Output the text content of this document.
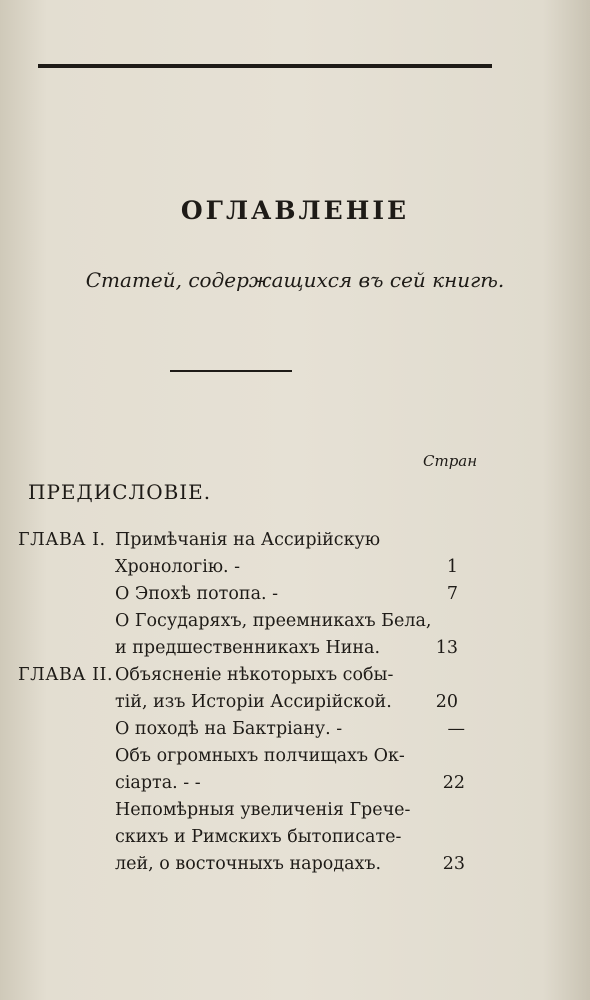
ОГЛАВЛЕНІЕ
Статей, содержащихся въ сей книгѣ.
Стран
ПРЕДИСЛОВІЕ.
ГЛАВА I. Примѣчанія на Ассирійскую
Хронологію. -	1
О Эпохѣ потопа. -	7
О Государяхъ, преемникахъ Бела,
и предшественникахъ Нина.	13
ГЛАВА II. Объясненіе нѣкоторыхъ собы-
тій, изъ Исторіи Ассирійской.	20
О походѣ на Бактріану. -	—
Объ огромныхъ полчищахъ Ок-
сіарта. - -	22
Непомѣрныя увеличенія Грече-
скихъ и Римскихъ бытописате-
лей, о восточныхъ народахъ.	23
